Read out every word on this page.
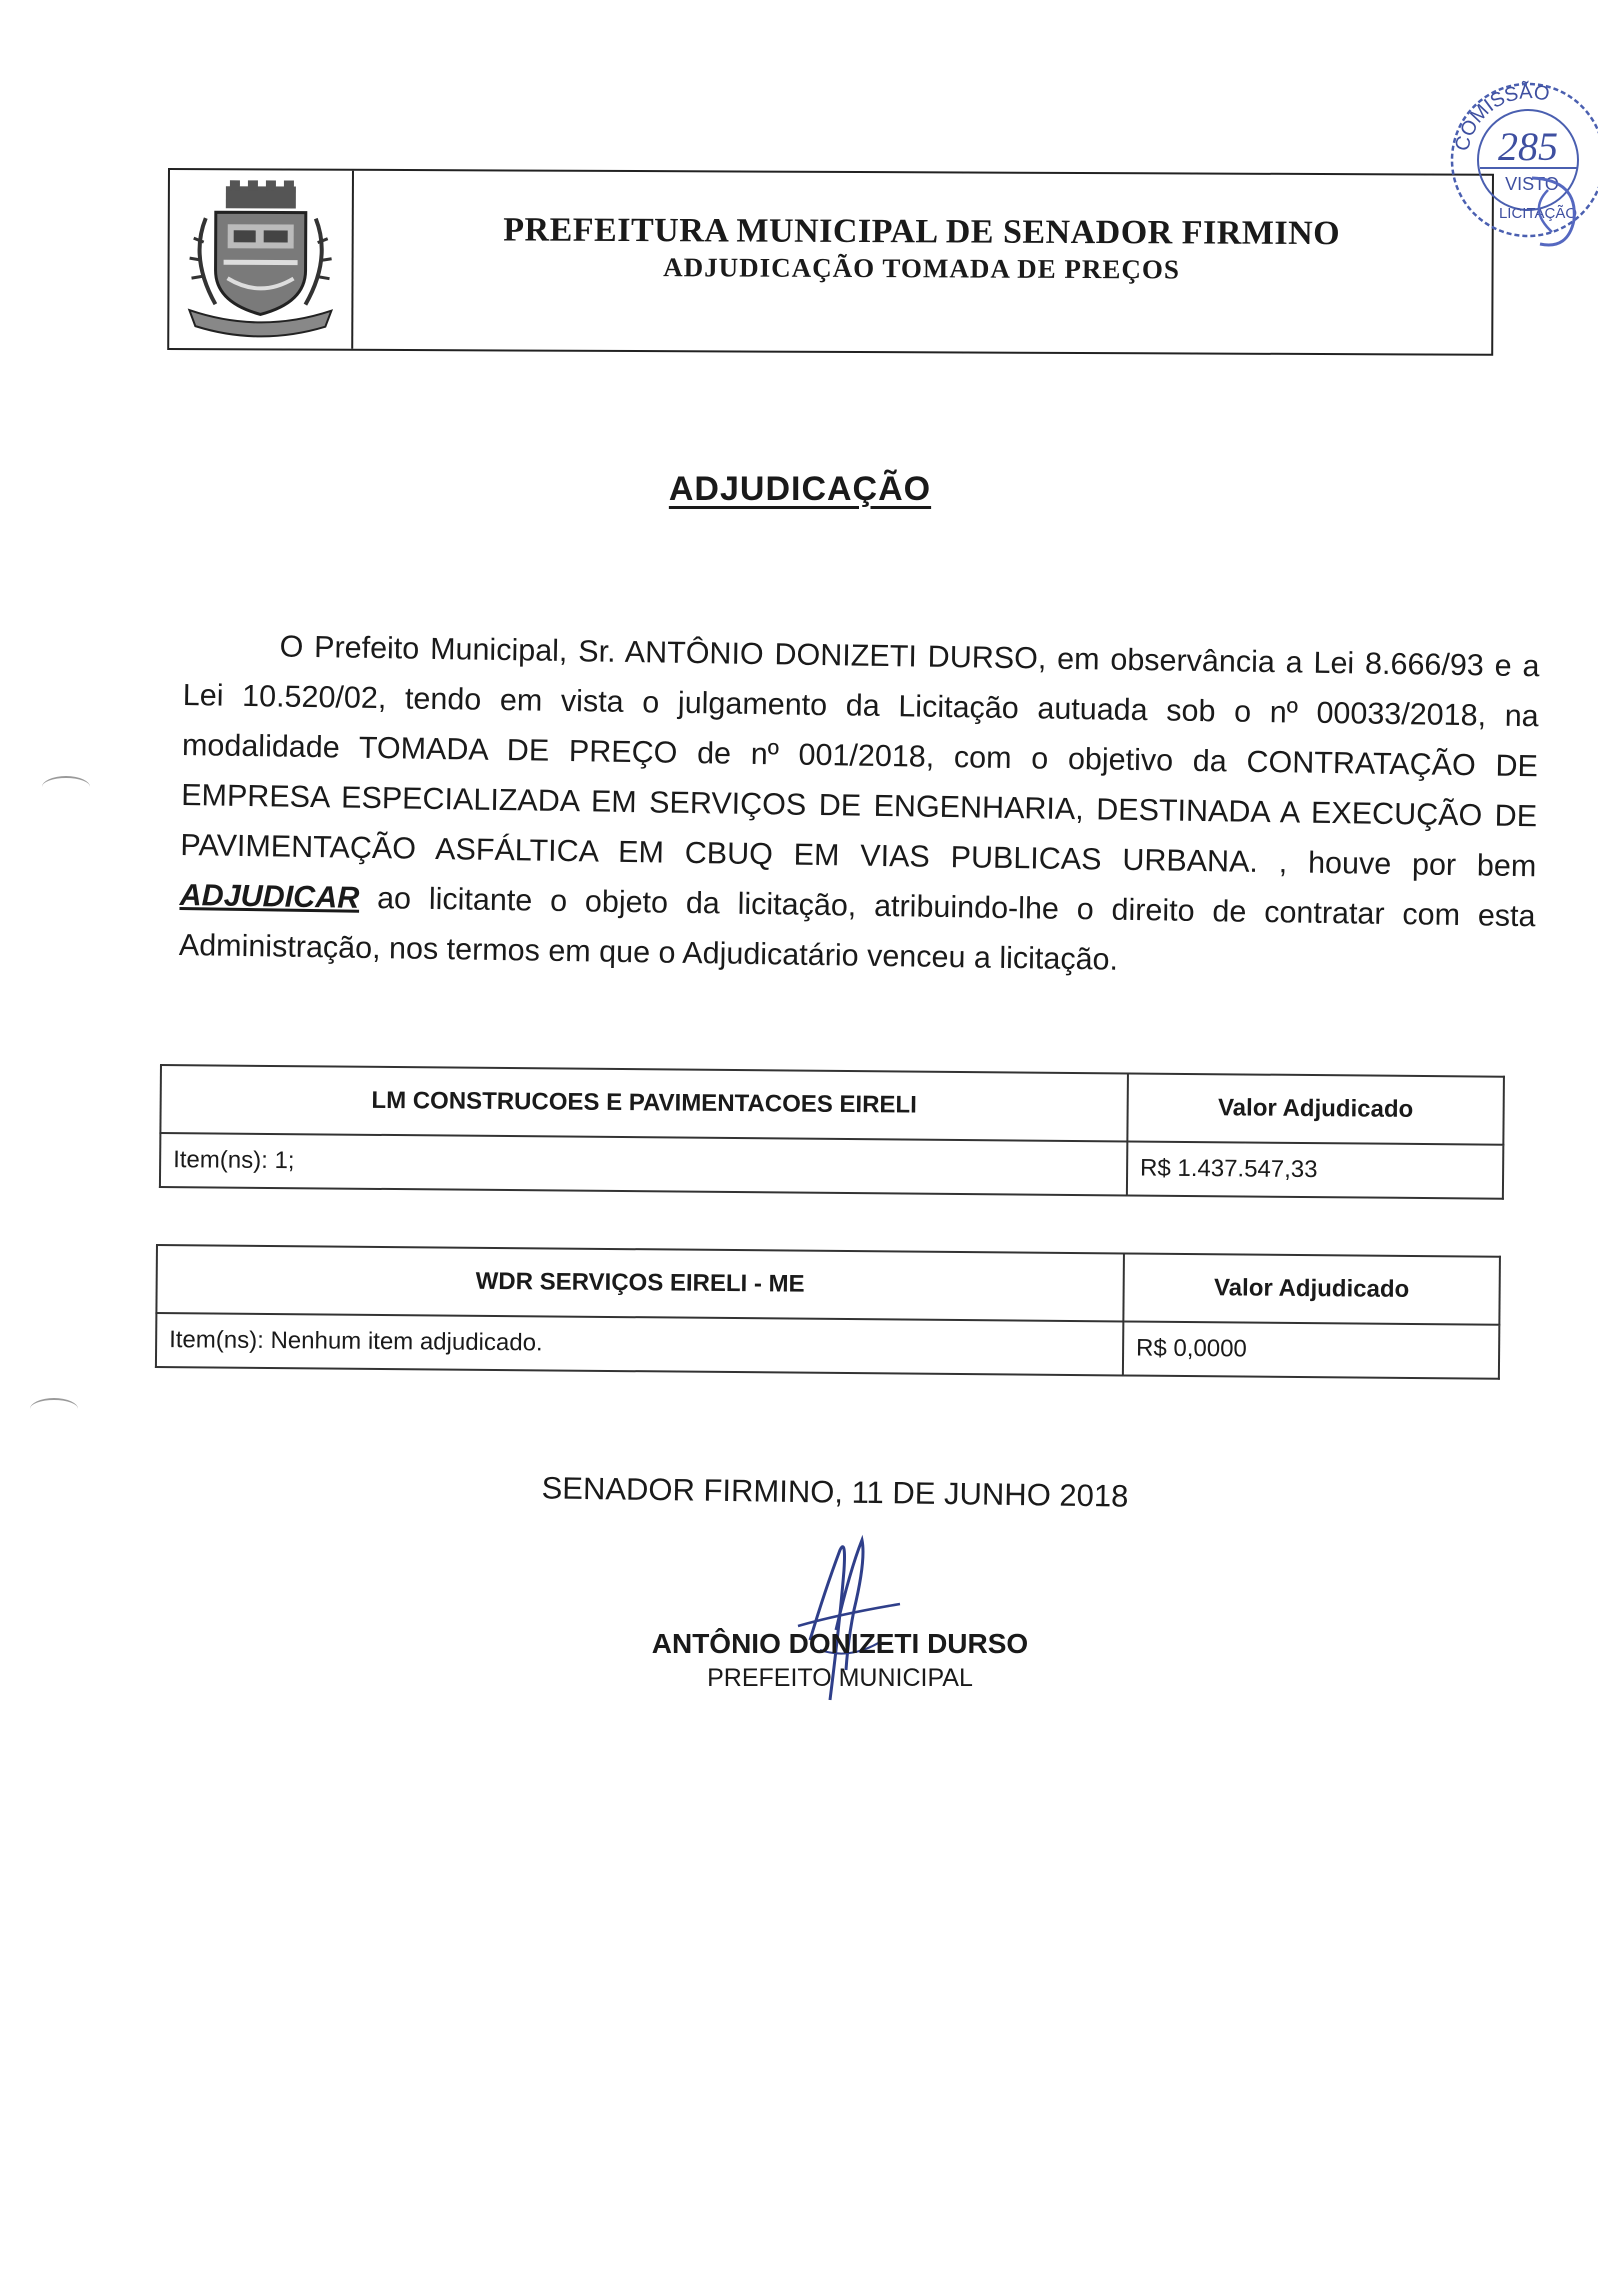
PREFEITURA MUNICIPAL DE SENADOR FIRMINO
ADJUDICAÇÃO TOMADA DE PREÇOS
COMISSÃO
285
VISTO
LICITAÇÃO
ADJUDICAÇÃO
O Prefeito Municipal, Sr. ANTÔNIO DONIZETI DURSO, em observância a Lei 8.666/93 e a Lei 10.520/02, tendo em vista o julgamento da Licitação autuada sob o nº 00033/2018, na modalidade TOMADA DE PREÇO de nº 001/2018, com o objetivo da CONTRATAÇÃO DE EMPRESA ESPECIALIZADA EM SERVIÇOS DE ENGENHARIA, DESTINADA A EXECUÇÃO DE PAVIMENTAÇÃO ASFÁLTICA EM CBUQ EM VIAS PUBLICAS URBANA. , houve por bem ADJUDICAR ao licitante o objeto da licitação, atribuindo-lhe o direito de contratar com esta Administração, nos termos em que o Adjudicatário venceu a licitação.
LM CONSTRUCOES E PAVIMENTACOES EIRELI	Valor Adjudicado
Item(ns): 1;	R$ 1.437.547,33
WDR SERVIÇOS EIRELI - ME	Valor Adjudicado
Item(ns): Nenhum item adjudicado.	R$ 0,0000
SENADOR FIRMINO, 11 DE JUNHO 2018
ANTÔNIO DONIZETI DURSO
PREFEITO MUNICIPAL
